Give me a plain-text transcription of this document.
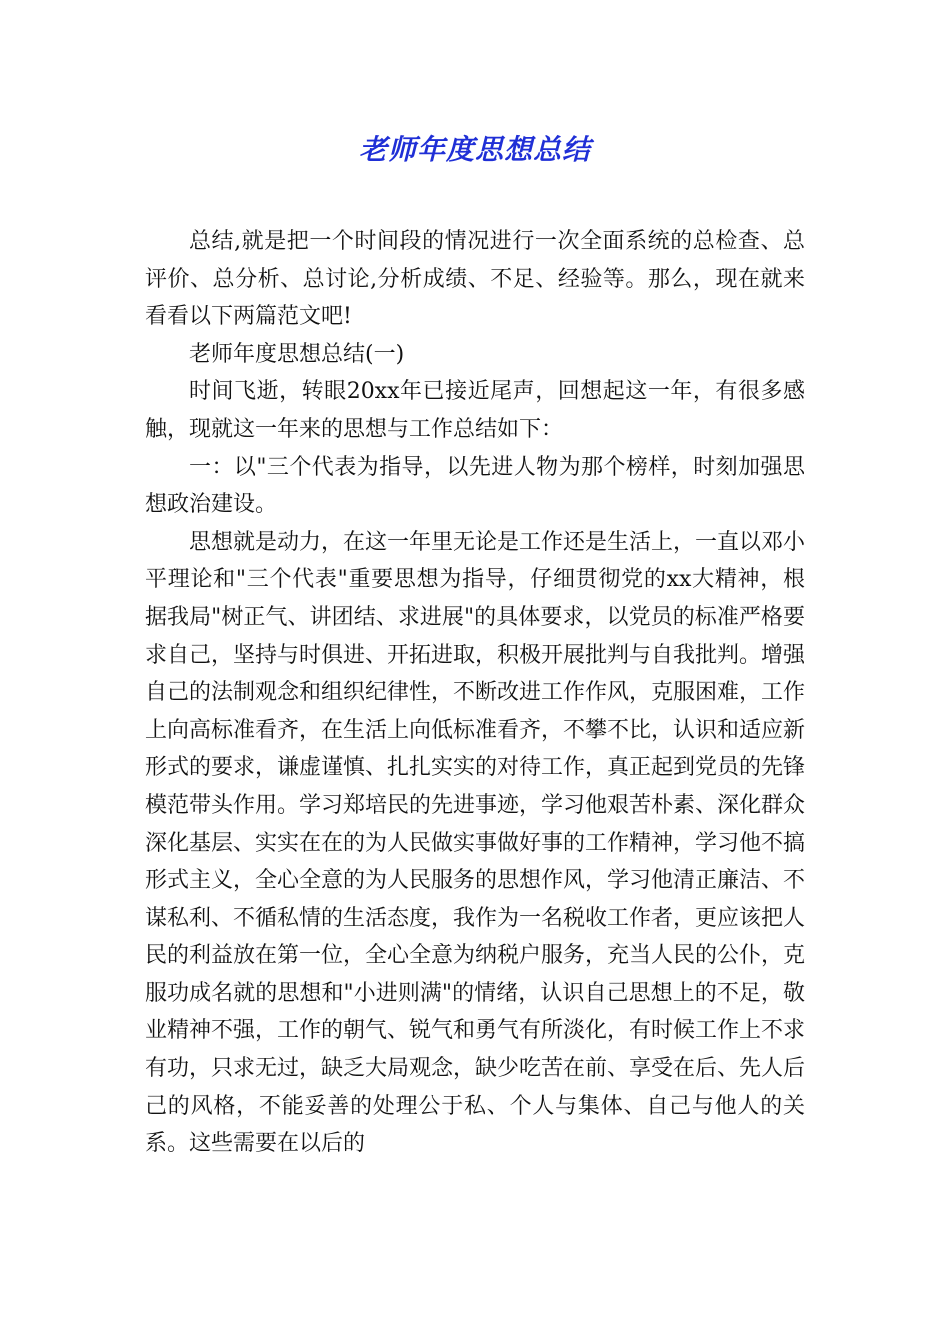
老师年度思想总结

总结,就是把一个时间段的情况进行一次全面系统的总检查、总评价、总分析、总讨论,分析成绩、不足、经验等。那么，现在就来看看以下两篇范文吧!

老师年度思想总结(一)

时间飞逝，转眼20xx年已接近尾声，回想起这一年，有很多感触，现就这一年来的思想与工作总结如下：

一：以"三个代表为指导，以先进人物为那个榜样，时刻加强思想政治建设。

思想就是动力，在这一年里无论是工作还是生活上，一直以邓小平理论和"三个代表"重要思想为指导，仔细贯彻党的xx大精神，根据我局"树正气、讲团结、求进展"的具体要求，以党员的标准严格要求自己，坚持与时俱进、开拓进取，积极开展批判与自我批判。增强自己的法制观念和组织纪律性，不断改进工作作风，克服困难，工作上向高标准看齐，在生活上向低标准看齐，不攀不比，认识和适应新形式的要求，谦虚谨慎、扎扎实实的对待工作，真正起到党员的先锋模范带头作用。学习郑培民的先进事迹，学习他艰苦朴素、深化群众深化基层、实实在在的为人民做实事做好事的工作精神，学习他不搞形式主义，全心全意的为人民服务的思想作风，学习他清正廉洁、不谋私利、不循私情的生活态度，我作为一名税收工作者，更应该把人民的利益放在第一位，全心全意为纳税户服务，充当人民的公仆，克服功成名就的思想和"小进则满"的情绪，认识自己思想上的不足，敬业精神不强，工作的朝气、锐气和勇气有所淡化，有时候工作上不求有功，只求无过，缺乏大局观念，缺少吃苦在前、享受在后、先人后己的风格，不能妥善的处理公于私、个人与集体、自己与他人的关系。这些需要在以后的
